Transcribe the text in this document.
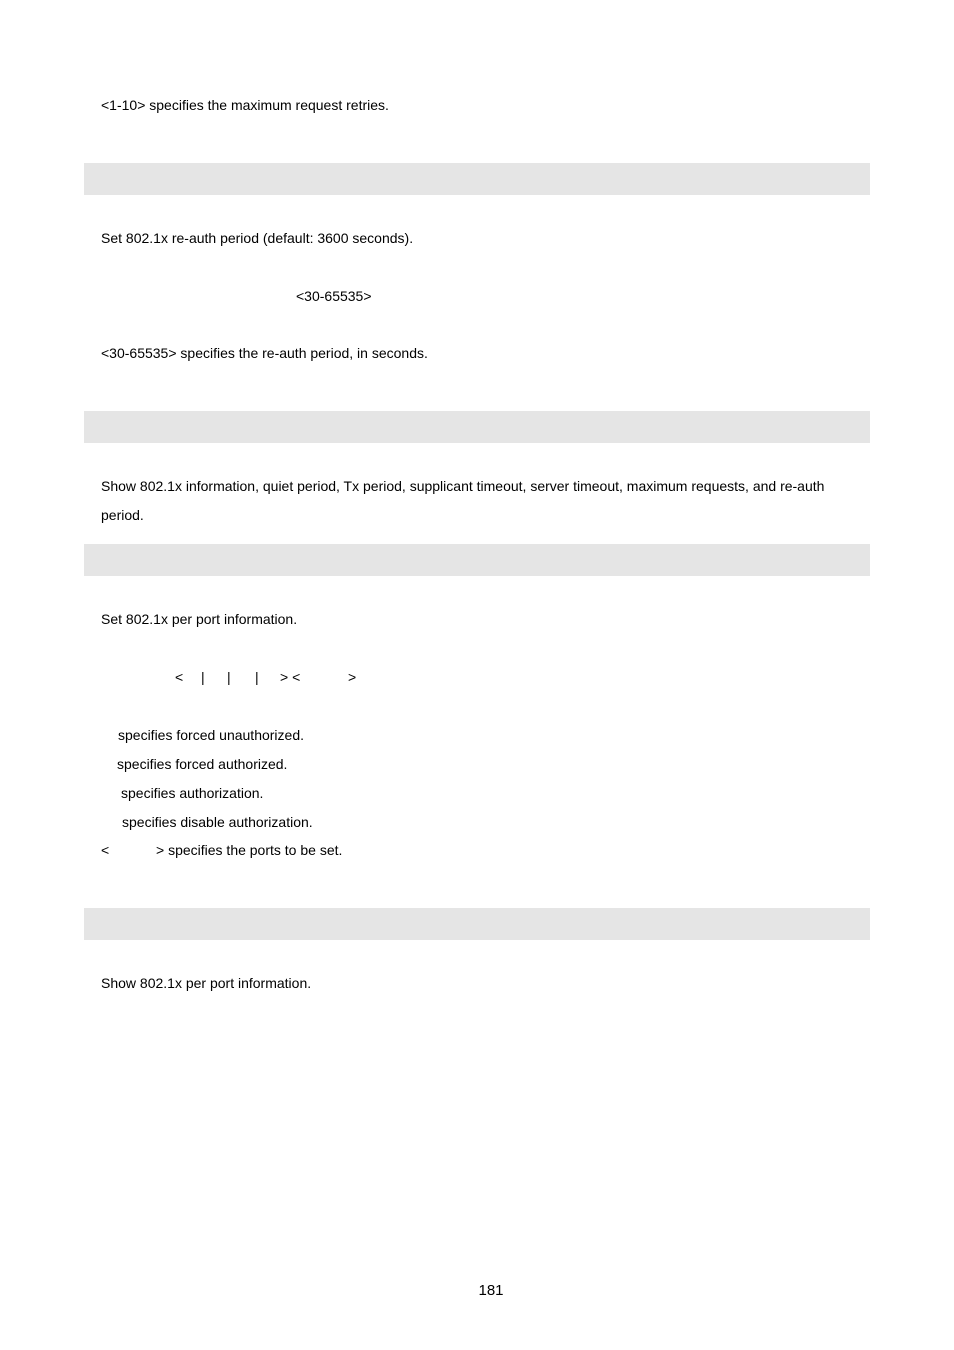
<1-10> specifies the maximum request retries.
Set 802.1x re-auth period (default: 3600 seconds).
<30-65535>
<30-65535> specifies the re-auth period, in seconds.
Show 802.1x information, quiet period, Tx period, supplicant timeout, server timeout, maximum requests, and re-auth
period.
Set 802.1x per port information.
< | | | > <	>
specifies forced unauthorized.
specifies forced authorized.
specifies authorization.
specifies disable authorization.
<	> specifies the ports to be set.
Show 802.1x per port information.
181
